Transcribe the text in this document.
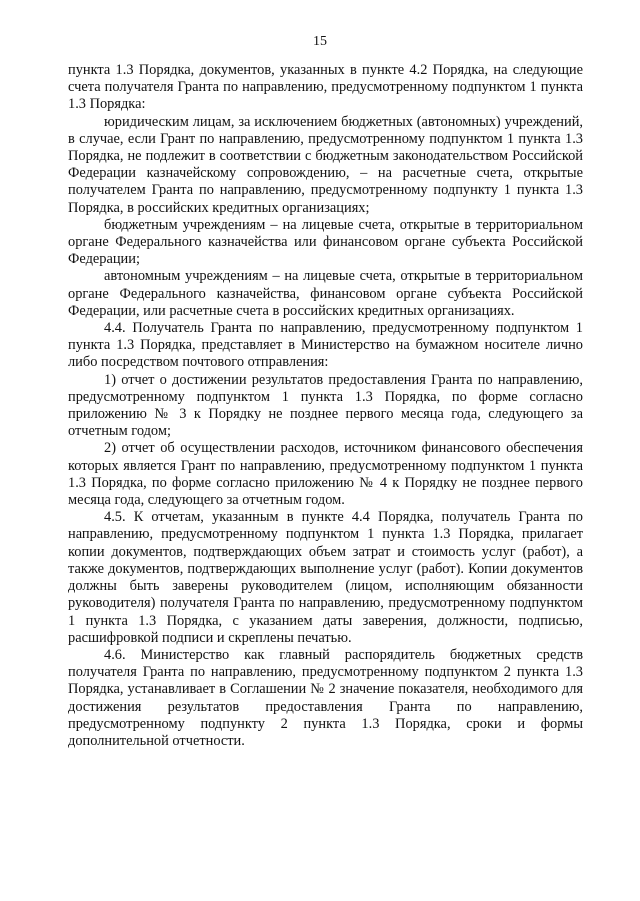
15

пункта 1.3 Порядка, документов, указанных в пункте 4.2 Порядка, на следующие счета получателя Гранта по направлению, предусмотренному подпунктом 1 пункта 1.3 Порядка:

юридическим лицам, за исключением бюджетных (автономных) учреждений, в случае, если Грант по направлению, предусмотренному подпунктом 1 пункта 1.3 Порядка, не подлежит в соответствии с бюджетным законодательством Российской Федерации казначейскому сопровождению, – на расчетные счета, открытые получателем Гранта по направлению, предусмотренному подпункту 1 пункта 1.3 Порядка, в российских кредитных организациях;

бюджетным учреждениям – на лицевые счета, открытые в территориальном органе Федерального казначейства или финансовом органе субъекта Российской Федерации;

автономным учреждениям – на лицевые счета, открытые в территориальном органе Федерального казначейства, финансовом органе субъекта Российской Федерации, или расчетные счета в российских кредитных организациях.

4.4. Получатель Гранта по направлению, предусмотренному подпунктом 1 пункта 1.3 Порядка, представляет в Министерство на бумажном носителе лично либо посредством почтового отправления:

1) отчет о достижении результатов предоставления Гранта по направлению, предусмотренному подпунктом 1 пункта 1.3 Порядка, по форме согласно приложению № 3 к Порядку не позднее первого месяца года, следующего за отчетным годом;

2) отчет об осуществлении расходов, источником финансового обеспечения которых является Грант по направлению, предусмотренному подпунктом 1 пункта 1.3 Порядка, по форме согласно приложению № 4 к Порядку не позднее первого месяца года, следующего за отчетным годом.

4.5. К отчетам, указанным в пункте 4.4 Порядка, получатель Гранта по направлению, предусмотренному подпунктом 1 пункта 1.3 Порядка, прилагает копии документов, подтверждающих объем затрат и стоимость услуг (работ), а также документов, подтверждающих выполнение услуг (работ). Копии документов должны быть заверены руководителем (лицом, исполняющим обязанности руководителя) получателя Гранта по направлению, предусмотренному подпунктом 1 пункта 1.3 Порядка, с указанием даты заверения, должности, подписью, расшифровкой подписи и скреплены печатью.

4.6. Министерство как главный распорядитель бюджетных средств получателя Гранта по направлению, предусмотренному подпунктом 2 пункта 1.3 Порядка, устанавливает в Соглашении № 2 значение показателя, необходимого для достижения результатов предоставления Гранта по направлению, предусмотренному подпункту 2 пункта 1.3 Порядка, сроки и формы дополнительной отчетности.
